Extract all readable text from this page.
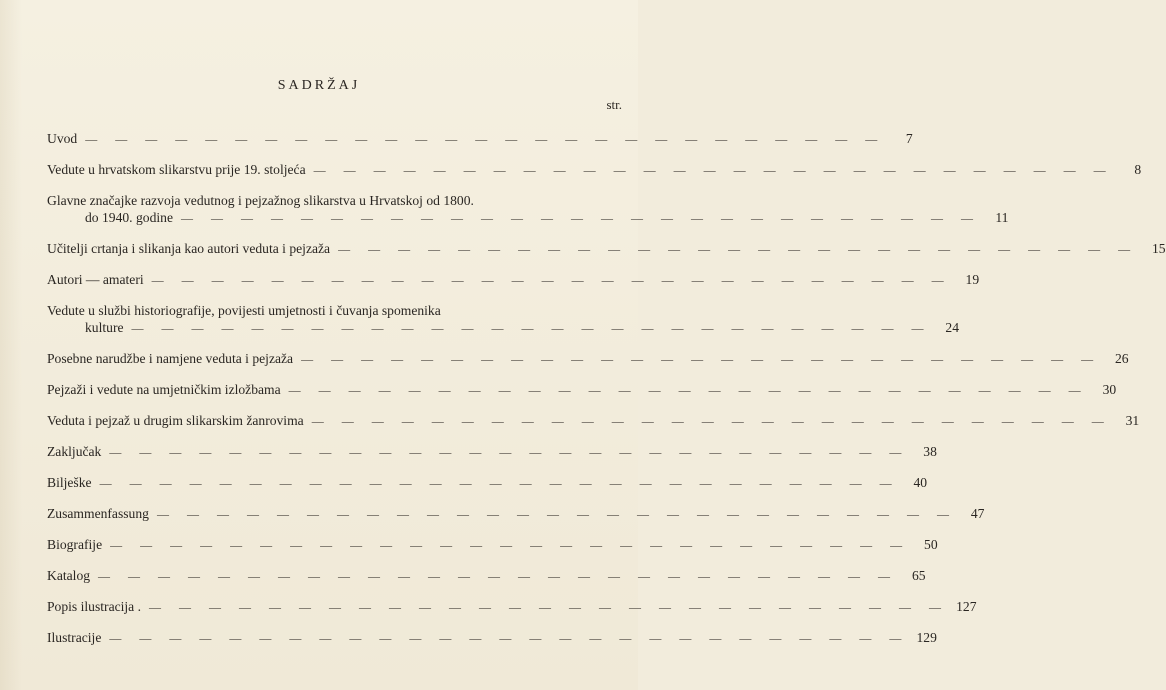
SADRŽAJ
str.
Uvod — — — — — — — — — — — — — — — — — — — — — — — — — — —	7
Vedute u hrvatskom slikarstvu prije 19. stoljeća — — — — — — — — — — — — — — — — — — — — — — — — — — —	8
Glavne značajke razvoja vedutnog i pejzažnog slikarstva u Hrvatskoj od 1800.
do 1940. godine — — — — — — — — — — — — — — — — — — — — — — — — — — —	11
Učitelji crtanja i slikanja kao autori veduta i pejzaža — — — — — — — — — — — — — — — — — — — — — — — — — — —	15
Autori — amateri — — — — — — — — — — — — — — — — — — — — — — — — — — —	19
Vedute u službi historiografije, povijesti umjetnosti i čuvanja spomenika
kulture — — — — — — — — — — — — — — — — — — — — — — — — — — —	24
Posebne narudžbe i namjene veduta i pejzaža — — — — — — — — — — — — — — — — — — — — — — — — — — —	26
Pejzaži i vedute na umjetničkim izložbama — — — — — — — — — — — — — — — — — — — — — — — — — — —	30
Veduta i pejzaž u drugim slikarskim žanrovima — — — — — — — — — — — — — — — — — — — — — — — — — — —	31
Zaključak — — — — — — — — — — — — — — — — — — — — — — — — — — —	38
Bilješke — — — — — — — — — — — — — — — — — — — — — — — — — — —	40
Zusammenfassung — — — — — — — — — — — — — — — — — — — — — — — — — — —	47
Biografije — — — — — — — — — — — — — — — — — — — — — — — — — — —	50
Katalog — — — — — — — — — — — — — — — — — — — — — — — — — — —	65
Popis ilustracija . — — — — — — — — — — — — — — — — — — — — — — — — — — — 127
Ilustracije — — — — — — — — — — — — — — — — — — — — — — — — — — — 129
